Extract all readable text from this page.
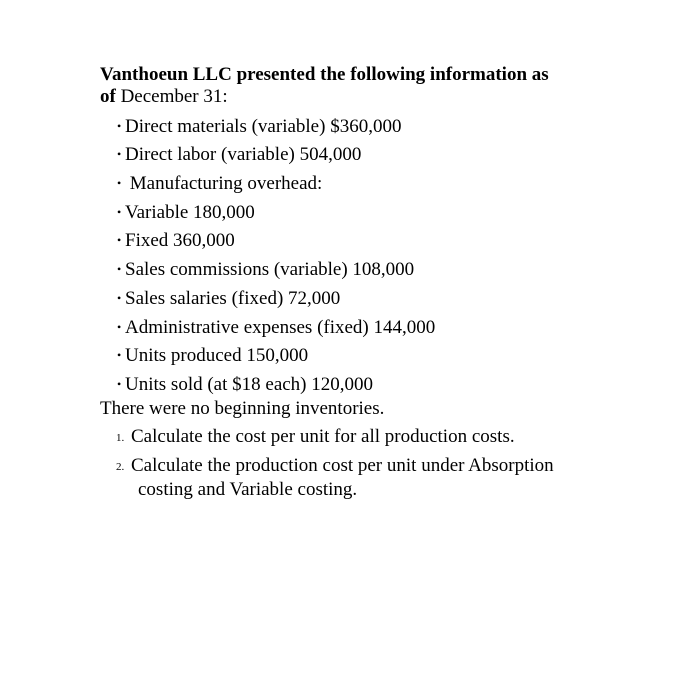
Vanthoeun LLC presented the following information as
of December 31:
• Direct materials (variable) $360,000
• Direct labor (variable) 504,000
• Manufacturing overhead:
• Variable 180,000
• Fixed 360,000
• Sales commissions (variable) 108,000
• Sales salaries (fixed) 72,000
• Administrative expenses (fixed) 144,000
• Units produced 150,000
• Units sold (at $18 each) 120,000
There were no beginning inventories.
1. Calculate the cost per unit for all production costs.
2. Calculate the production cost per unit under Absorption
costing and Variable costing.
